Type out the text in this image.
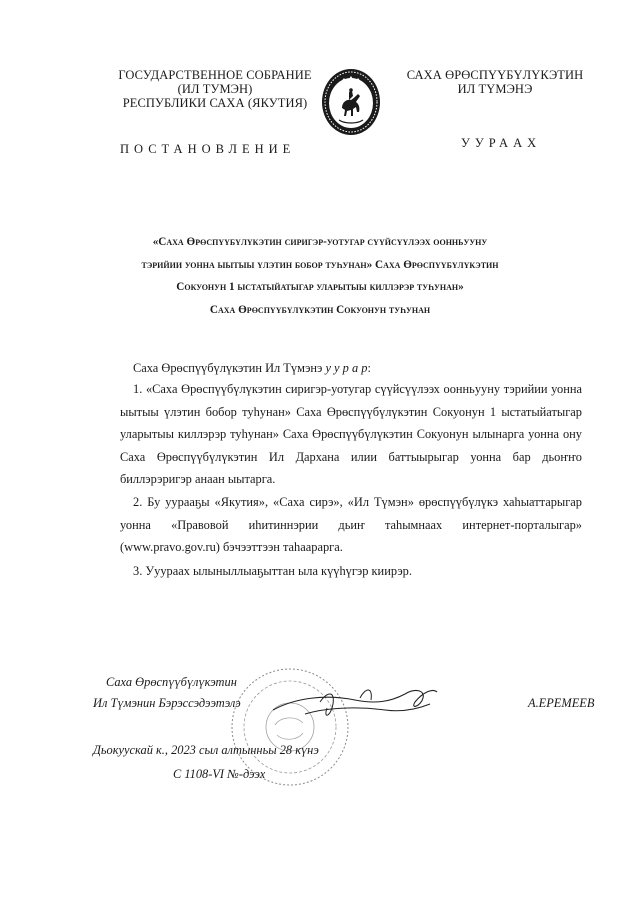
ГОСУДАРСТВЕННОЕ СОБРАНИЕ
(ИЛ ТУМЭН)
РЕСПУБЛИКИ САХА (ЯКУТИЯ)
САХА ӨРӨСПҮҮБҮЛҮКЭТИН
ИЛ ТҮМЭНЭ
ПОСТАНОВЛЕНИЕ	УУРААХ
«Саха Өрөспүүбүлүкэтин сиригэр-уотугар сүүйсүүлээх оонньууну
тэрийии уонна ыытыы үлэтин бобор туһунан» Саха Өрөспүүбүлүкэтин
Сокуонун 1 ыстатыйатыгар уларытыы киллэрэр туһунан»
Саха Өрөспүүбүлүкэтин Сокуонун туһунан
Саха Өрөспүүбүлүкэтин Ил Түмэнэ у у р а р:

1. «Саха Өрөспүүбүлүкэтин сиригэр-уотугар сүүйсүүлээх оонньууну тэрийии уонна ыытыы үлэтин бобор туһунан» Саха Өрөспүүбүлүкэтин Сокуонун 1 ыстатыйатыгар уларытыы киллэрэр туһунан» Саха Өрөспүүбүлүкэтин Сокуонун ылынарга уонна ону Саха Өрөспүүбүлүкэтин Ил Дархана илии баттыырыгар уонна бар дьоҥҥо биллэрэригэр анаан ыытарга.

2. Бу уурааҕы «Якутия», «Саха сирэ», «Ил Түмэн» өрөспүүбүлүкэ хаһыаттарыгар уонна «Правовой иһитиннэрии дьиҥ таһымнаах интернет-порталыгар» (www.pravo.gov.ru) бэчээттээн таһаарарга.

3. Ууураах ылыныллыаҕыттан ыла күүһүгэр киирэр.

Саха Өрөспүүбүлүкэтин
Ил Түмэнин Бэрэссэдээтэлэ	А.ЕРЕМЕЕВ
Дьокуускай к., 2023 сыл алтынньы 28 күнэ
С 1108-VI №-дээх
